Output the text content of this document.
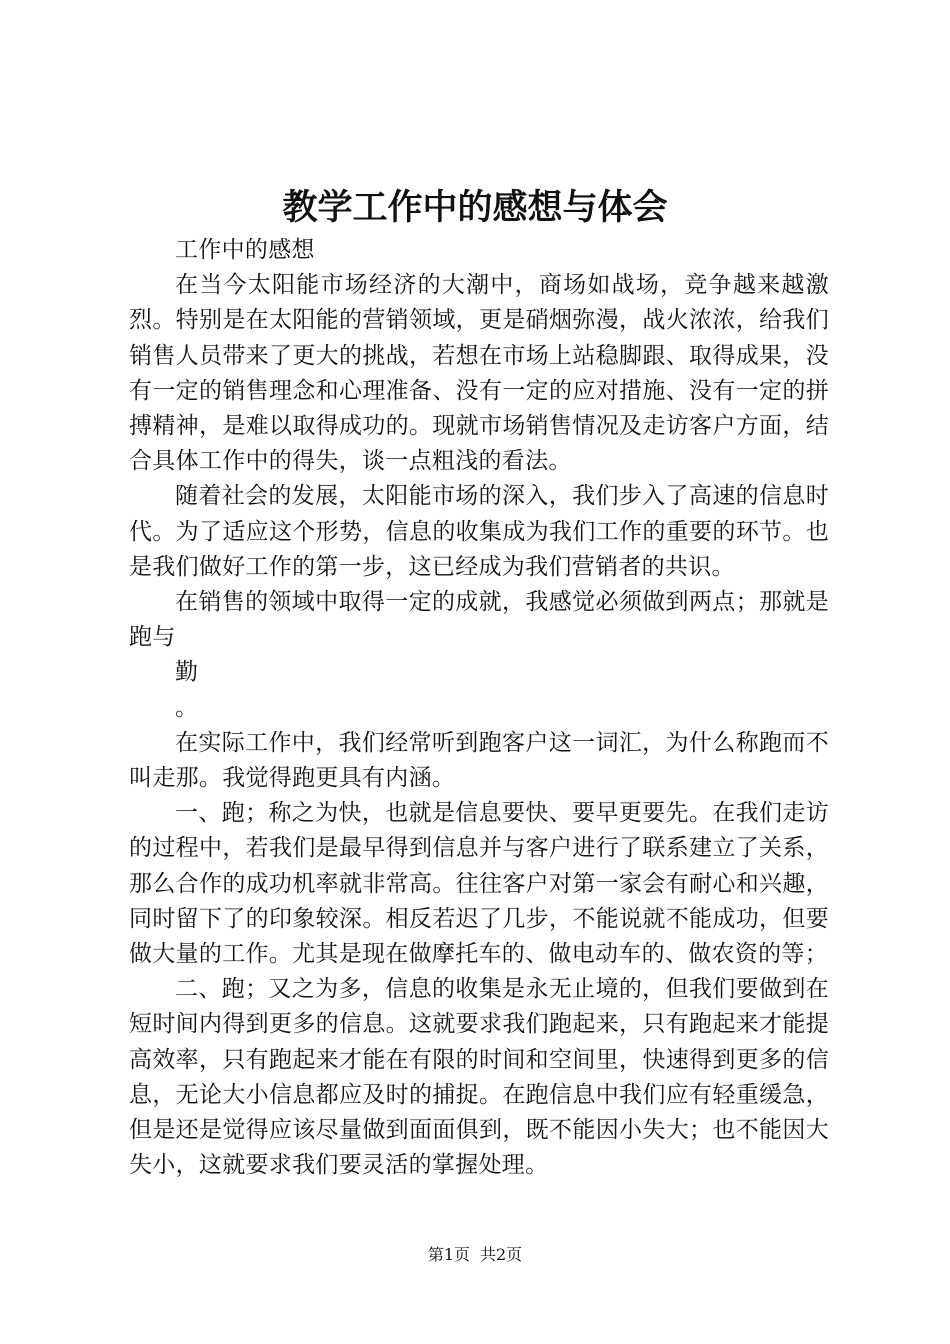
教学工作中的感想与体会

工作中的感想

在当今太阳能市场经济的大潮中，商场如战场，竞争越来越激烈。特别是在太阳能的营销领域，更是硝烟弥漫，战火浓浓，给我们销售人员带来了更大的挑战，若想在市场上站稳脚跟、取得成果，没有一定的销售理念和心理准备、没有一定的应对措施、没有一定的拼搏精神，是难以取得成功的。现就市场销售情况及走访客户方面，结合具体工作中的得失，谈一点粗浅的看法。

随着社会的发展，太阳能市场的深入，我们步入了高速的信息时代。为了适应这个形势，信息的收集成为我们工作的重要的环节。也是我们做好工作的第一步，这已经成为我们营销者的共识。

在销售的领域中取得一定的成就，我感觉必须做到两点；那就是跑与

勤

。

在实际工作中，我们经常听到跑客户这一词汇，为什么称跑而不叫走那。我觉得跑更具有内涵。

一、跑；称之为快，也就是信息要快、要早更要先。在我们走访的过程中，若我们是最早得到信息并与客户进行了联系建立了关系，那么合作的成功机率就非常高。往往客户对第一家会有耐心和兴趣，同时留下了的印象较深。相反若迟了几步，不能说就不能成功，但要做大量的工作。尤其是现在做摩托车的、做电动车的、做农资的等；

二、跑；又之为多，信息的收集是永无止境的，但我们要做到在短时间内得到更多的信息。这就要求我们跑起来，只有跑起来才能提高效率，只有跑起来才能在有限的时间和空间里，快速得到更多的信息，无论大小信息都应及时的捕捉。在跑信息中我们应有轻重缓急，但是还是觉得应该尽量做到面面俱到，既不能因小失大；也不能因大失小，这就要求我们要灵活的掌握处理。

第1页 共2页
